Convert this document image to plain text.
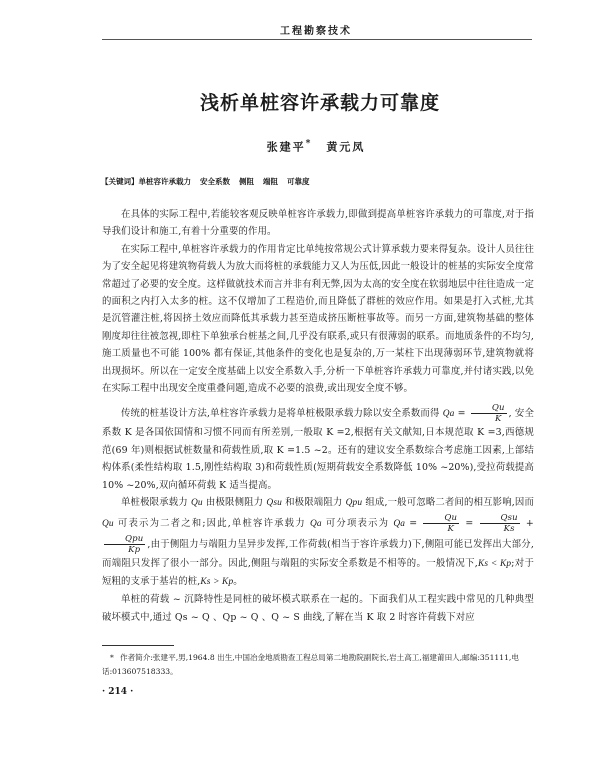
工程勘察技术
浅析单桩容许承载力可靠度
张建平* 黄元凤
【关键词】单桩容许承载力 安全系数 侧阻 端阻 可靠度

在具体的实际工程中,若能较客观反映单桩容许承载力,即做到提高单桩容许承载力的可靠度,对于指导我们设计和施工,有着十分重要的作用。

在实际工程中,单桩容许承载力的作用肯定比单纯按常规公式计算承载力要来得复杂。设计人员往往为了安全起见将建筑物荷载人为放大而将桩的承载能力又人为压低,因此一般设计的桩基的实际安全度常常超过了必要的安全度。这样做就技术而言并非有利无弊,因为太高的安全度在软弱地层中往往造成一定的面积之内打入太多的桩。这不仅增加了工程造价,而且降低了群桩的效应作用。如果是打入式桩,尤其是沉管灌注桩,将因挤土效应而降低其承载力甚至造成挤压断桩事故等。而另一方面,建筑物基础的整体刚度却往往被忽视,即柱下单独承台桩基之间,几乎没有联系,或只有很薄弱的联系。而地质条件的不均匀,施工质量也不可能 100% 都有保证,其他条件的变化也是复杂的,万一某柱下出现薄弱环节,建筑物就将出现损坏。所以在一定安全度基础上以安全系数入手,分析一下单桩容许承载力可靠度,并付诸实践,以免在实际工程中出现安全度重叠问题,造成不必要的浪费,或出现安全度不够。

传统的桩基设计方法,单柱容许承载力是将单桩极限承载力除以安全系数而得 $Qa = \frac{Qu}{K}$ , 安全系数 K 是各国依国情和习惯不同而有所差别,一般取 K =2,根据有关文献知,日本规范取 K =3,西德规范(69 年)则根据试桩数量和荷载性质,取 K =1.5 ~2。还有的建议安全系数综合考虑施工因素,上部结构体系(柔性结构取 1.5,刚性结构取 3)和荷载性质(短期荷载安全系数降低 10% ~20%),受拉荷载提高 10% ~20%,双向循环荷载 K 适当提高。

单桩极限承载力 Qu 由极限侧阻力 Qsu 和极限端阻力 Qpu 组成,一般可忽略二者间的相互影响,因而 Qu 可表示为二者之和;因此,单桩容许承载力 Qa 可分项表示为 $Qa = \frac{Qu}{K} = \frac{\text{Qsu}}{Ks}$ +
$\frac{\text{Qpu}}{Kp}$ ,由于侧阻力与端阻力呈异步发挥,工作荷载(相当于容许承载力)下,侧阻可能已发挥出大部分,而端阻只发挥了很小一部分。因此,侧阻与端阻的实际安全系数是不相等的。一般情况下,Ks < Kp;对于短粗的支承于基岩的桩,Ks > Kp。

单桩的荷载 ~ 沉降特性是同桩的破坏模式联系在一起的。下面我们从工程实践中常见的几种典型破坏模式中,通过 Qs ~ Q 、Qp ~ Q 、Q ~ S 曲线,了解在当 K 取 2 时容许荷载下对应

* 作者简介:张建平,男,1964.8 出生,中国冶金地质勘查工程总局第二地勘院副院长,岩土高工,福建莆田人,邮编:351111,电话:013607518333。
· 214 ·
